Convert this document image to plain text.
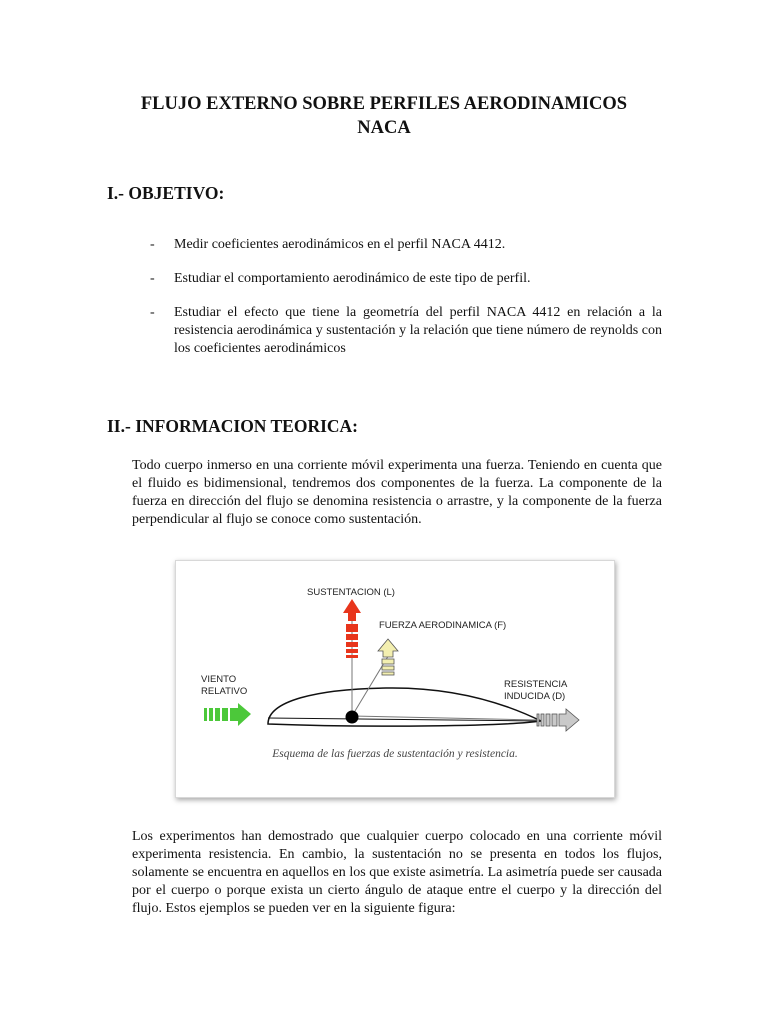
FLUJO EXTERNO SOBRE PERFILES AERODINAMICOS
NACA
I.- OBJETIVO:
- Medir coeficientes aerodinámicos en el perfil NACA 4412.
- Estudiar el comportamiento aerodinámico de este tipo de perfil.
- Estudiar el efecto que tiene la geometría del perfil NACA 4412 en relación a la resistencia aerodinámica y sustentación y la relación que tiene número de reynolds con los coeficientes aerodinámicos
II.- INFORMACION TEORICA:

Todo cuerpo inmerso en una corriente móvil experimenta una fuerza. Teniendo en cuenta que el fluido es bidimensional, tendremos dos componentes de la fuerza. La componente de la fuerza en dirección del flujo se denomina resistencia o arrastre, y la componente de la fuerza perpendicular al flujo se conoce como sustentación.

SUSTENTACION (L)
FUERZA AERODINAMICA (F)
VIENTO
RELATIVO
RESISTENCIA
INDUCIDA (D)
Esquema de las fuerzas de sustentación y resistencia.

Los experimentos han demostrado que cualquier cuerpo colocado en una corriente móvil experimenta resistencia. En cambio, la sustentación no se presenta en todos los flujos, solamente se encuentra en aquellos en los que existe asimetría. La asimetría puede ser causada por el cuerpo o porque exista un cierto ángulo de ataque entre el cuerpo y la dirección del flujo. Estos ejemplos se pueden ver en la siguiente figura:
